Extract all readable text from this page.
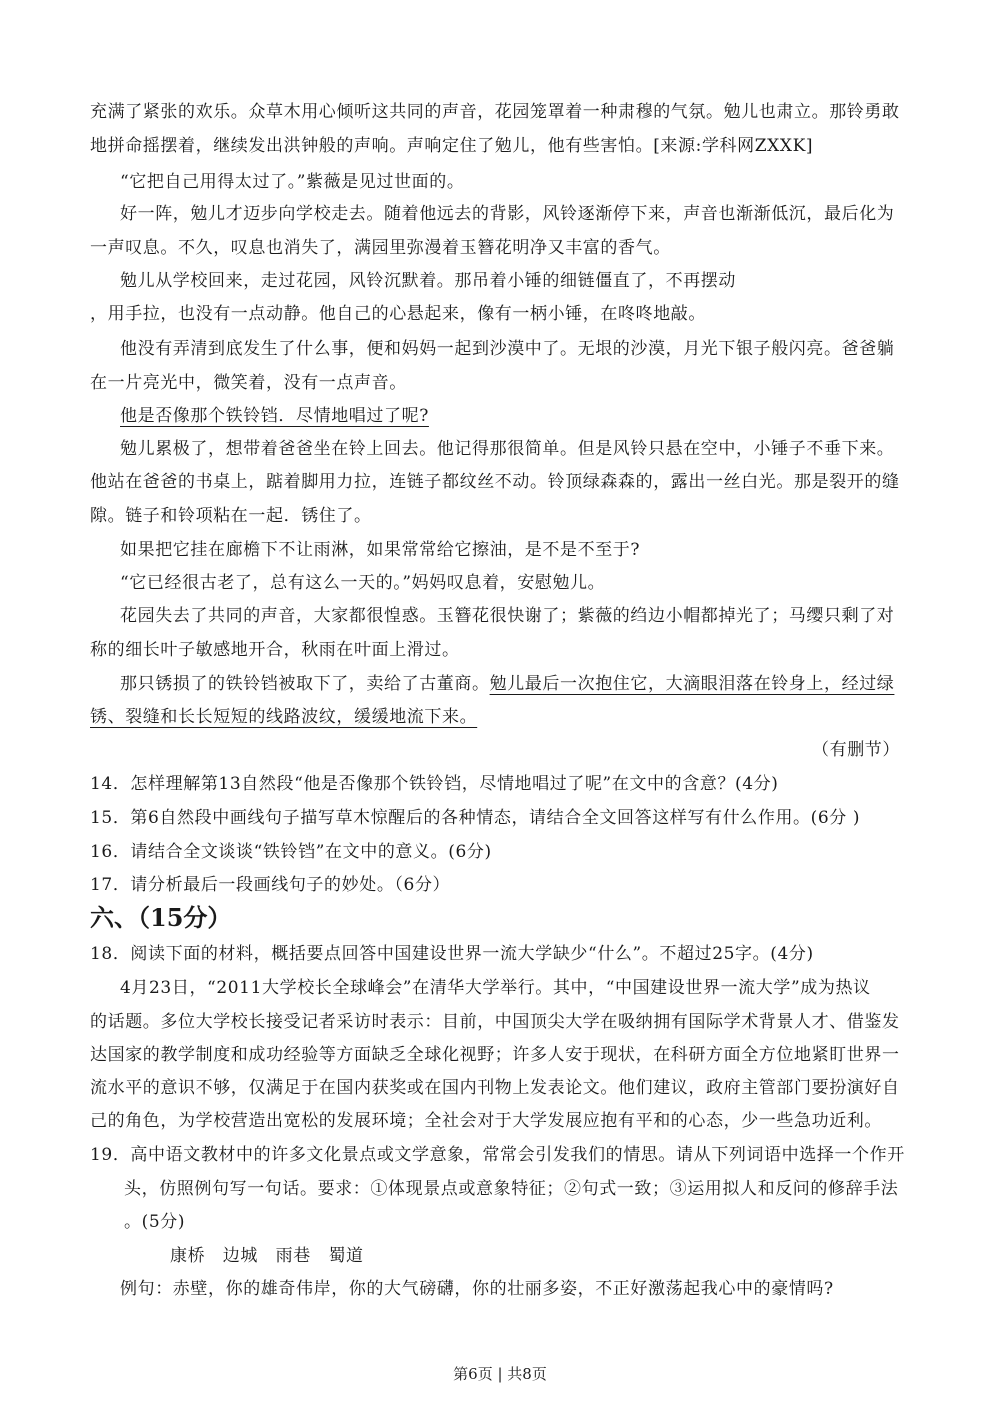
充满了紧张的欢乐。众草木用心倾听这共同的声音，花园笼罩着一种肃穆的气氛。勉儿也肃立。那铃勇敢
地拼命摇摆着，继续发出洪钟般的声响。声响定住了勉儿，他有些害怕。[来源:学科网ZXXK]
“它把自己用得太过了。”紫薇是见过世面的。
好一阵，勉儿才迈步向学校走去。随着他远去的背影，风铃逐渐停下来，声音也渐渐低沉，最后化为
一声叹息。不久，叹息也消失了，满园里弥漫着玉簪花明净又丰富的香气。
勉儿从学校回来，走过花园，风铃沉默着。那吊着小锤的细链僵直了，不再摆动
，用手拉，也没有一点动静。他自己的心悬起来，像有一柄小锤，在咚咚地敲。
他没有弄清到底发生了什么事，便和妈妈一起到沙漠中了。无垠的沙漠，月光下银子般闪亮。爸爸躺
在一片亮光中，微笑着，没有一点声音。
他是否像那个铁铃铛．尽情地唱过了呢?
勉儿累极了，想带着爸爸坐在铃上回去。他记得那很简单。但是风铃只悬在空中，小锤子不垂下来。
他站在爸爸的书桌上，踮着脚用力拉，连链子都纹丝不动。铃顶绿森森的，露出一丝白光。那是裂开的缝
隙。链子和铃项粘在一起．锈住了。
如果把它挂在廊檐下不让雨淋，如果常常给它擦油，是不是不至于?
“它已经很古老了，总有这么一天的。”妈妈叹息着，安慰勉儿。
花园失去了共同的声音，大家都很惶惑。玉簪花很快谢了；紫薇的绉边小帽都掉光了；马缨只剩了对
称的细长叶子敏感地开合，秋雨在叶面上滑过。
那只锈损了的铁铃铛被取下了，卖给了古董商。勉儿最后一次抱住它，大滴眼泪落在铃身上，经过绿
锈、裂缝和长长短短的线路波纹，缓缓地流下来。
（有删节）
14．怎样理解第13自然段“他是否像那个铁铃铛，尽情地唱过了呢”在文中的含意？(4分)
15．第6自然段中画线句子描写草木惊醒后的各种情态，请结合全文回答这样写有什么作用。(6分 )
16．请结合全文谈谈“铁铃铛”在文中的意义。(6分)
17．请分析最后一段画线句子的妙处。（6分）
六、（15分）
18．阅读下面的材料，概括要点回答中国建设世界一流大学缺少“什么”。不超过25字。(4分)
4月23日，“2011大学校长全球峰会”在清华大学举行。其中，“中国建设世界一流大学”成为热议
的话题。多位大学校长接受记者采访时表示：目前，中国顶尖大学在吸纳拥有国际学术背景人才、借鉴发
达国家的教学制度和成功经验等方面缺乏全球化视野；许多人安于现状，在科研方面全方位地紧盯世界一
流水平的意识不够，仅满足于在国内获奖或在国内刊物上发表论文。他们建议，政府主管部门要扮演好自
己的角色，为学校营造出宽松的发展环境；全社会对于大学发展应抱有平和的心态，少一些急功近利。
19．高中语文教材中的许多文化景点或文学意象，常常会引发我们的情思。请从下列词语中选择一个作开
头，仿照例句写一句话。要求：①体现景点或意象特征；②句式一致；③运用拟人和反问的修辞手法
。(5分)
康桥　边城　雨巷　蜀道
例句：赤壁，你的雄奇伟岸，你的大气磅礴，你的壮丽多姿，不正好激荡起我心中的豪情吗?
第6页 | 共8页
